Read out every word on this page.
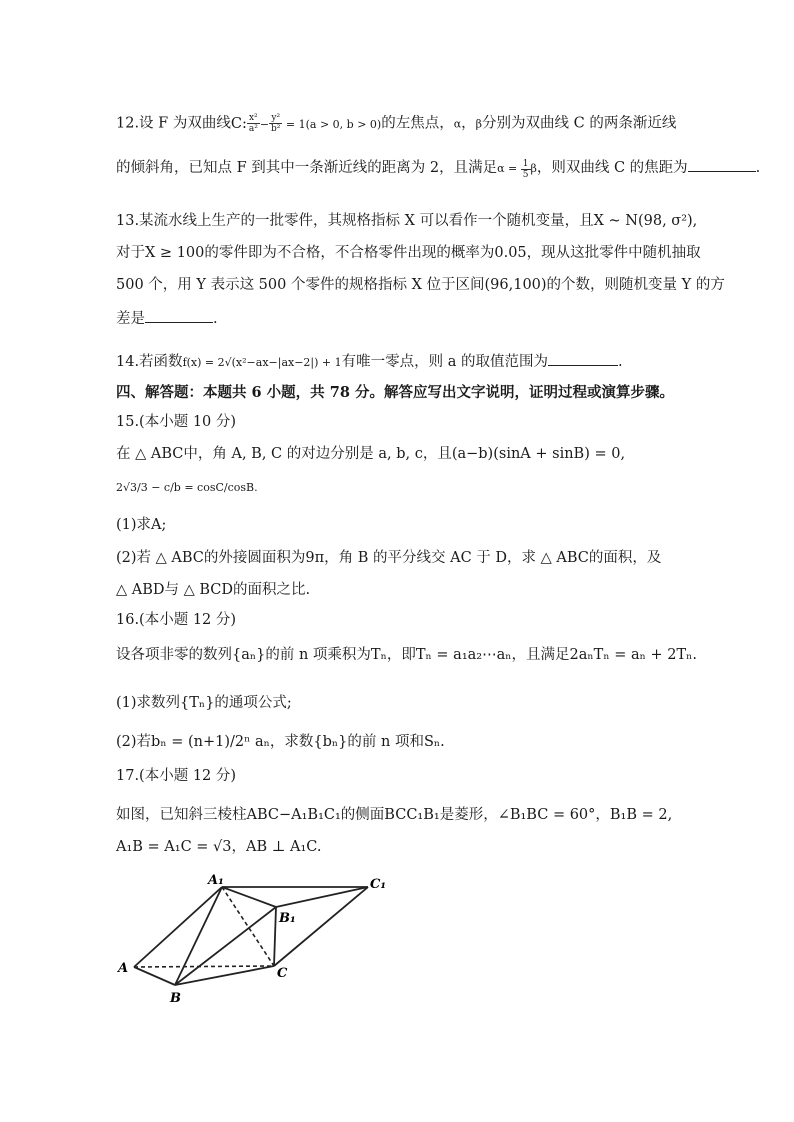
12.设 F 为双曲线C: $\frac{\text{x²}}{\text{a²}} - \frac{\text{y²}}{\text{b²}} = 1(a > 0$, b > 0)的左焦点，α，β分别为双曲线 C 的两条渐近线
的倾斜角，已知点 F 到其中一条渐近线的距离为 2，且满足$\alpha = \frac{1}{5}$ β，则双曲线 C 的焦距为	.
13.某流水线上生产的一批零件，其规格指标 X 可以看作一个随机变量，且X ~ N(98, σ²),
对于X ≥ 100的零件即为不合格，不合格零件出现的概率为0.05，现从这批零件中随机抽取
500 个，用 Y 表示这 500 个零件的规格指标 X 位于区间(96,100)的个数，则随机变量 Y 的方
差是	.
14.若函数f(x) = 2√(x²−ax−|ax−2|) + 1有唯一零点，则 a 的取值范围为	.
四、解答题：本题共 6 小题，共 78 分。解答应写出文字说明，证明过程或演算步骤。
15.(本小题 10 分)
在 △ ABC中，角 A, B, C 的对边分别是 a, b, c，且(a−b)(sinA + sinB) = 0,
2√3/3 − c/b = cosC/cosB.
(1)求A;
(2)若 △ ABC的外接圆面积为9π，角 B 的平分线交 AC 于 D，求 △ ABC的面积，及
△ ABD与 △ BCD的面积之比.
16.(本小题 12 分)
设各项非零的数列{aₙ}的前 n 项乘积为Tₙ，即Tₙ = a₁a₂⋯aₙ，且满足2aₙTₙ = aₙ + 2Tₙ.
(1)求数列{Tₙ}的通项公式;
(2)若bₙ = (n+1)/2ⁿ aₙ，求数{bₙ}的前 n 项和Sₙ.
17.(本小题 12 分)
如图，已知斜三棱柱ABC−A₁B₁C₁的侧面BCC₁B₁是菱形，∠B₁BC = 60°，B₁B = 2,
A₁B = A₁C = √3，AB ⊥ A₁C.
A₁	C₁
B₁
A
B
C
